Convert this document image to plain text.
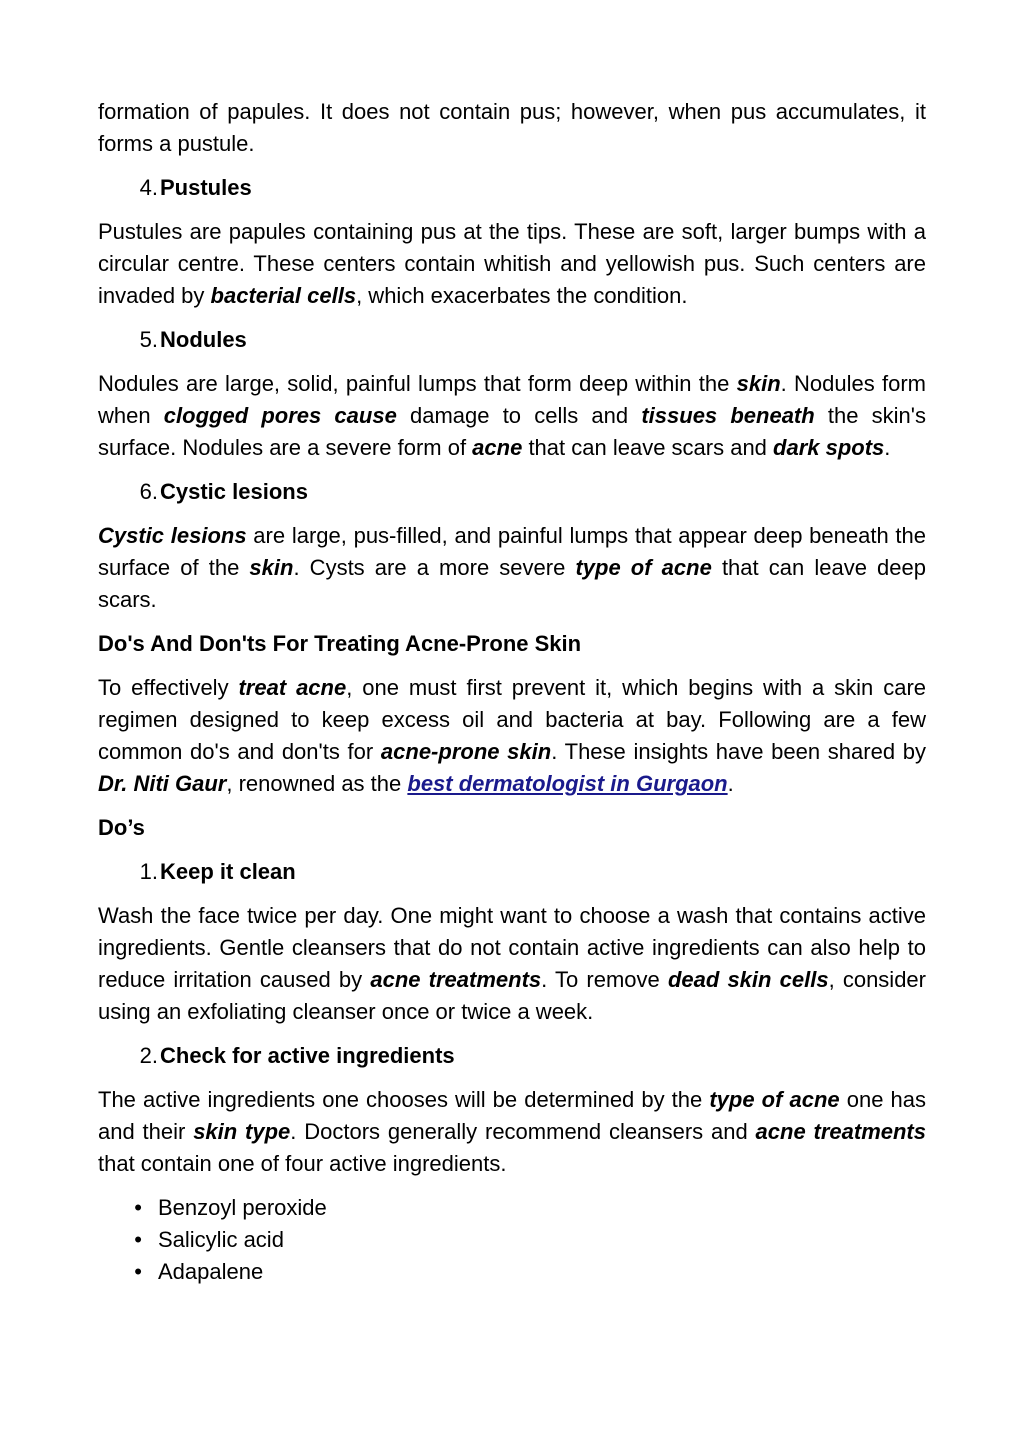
formation of papules. It does not contain pus; however, when pus accumulates, it forms a pustule.

4. Pustules

Pustules are papules containing pus at the tips. These are soft, larger bumps with a circular centre. These centers contain whitish and yellowish pus. Such centers are invaded by bacterial cells, which exacerbates the condition.

5. Nodules

Nodules are large, solid, painful lumps that form deep within the skin. Nodules form when clogged pores cause damage to cells and tissues beneath the skin's surface. Nodules are a severe form of acne that can leave scars and dark spots.

6. Cystic lesions

Cystic lesions are large, pus-filled, and painful lumps that appear deep beneath the surface of the skin. Cysts are a more severe type of acne that can leave deep scars.

Do's And Don'ts For Treating Acne-Prone Skin

To effectively treat acne, one must first prevent it, which begins with a skin care regimen designed to keep excess oil and bacteria at bay. Following are a few common do's and don'ts for acne-prone skin. These insights have been shared by Dr. Niti Gaur, renowned as the best dermatologist in Gurgaon.

Do’s
1. Keep it clean

Wash the face twice per day. One might want to choose a wash that contains active ingredients. Gentle cleansers that do not contain active ingredients can also help to reduce irritation caused by acne treatments. To remove dead skin cells, consider using an exfoliating cleanser once or twice a week.

2. Check for active ingredients

The active ingredients one chooses will be determined by the type of acne one has and their skin type. Doctors generally recommend cleansers and acne treatments that contain one of four active ingredients.

• Benzoyl peroxide
• Salicylic acid
• Adapalene
